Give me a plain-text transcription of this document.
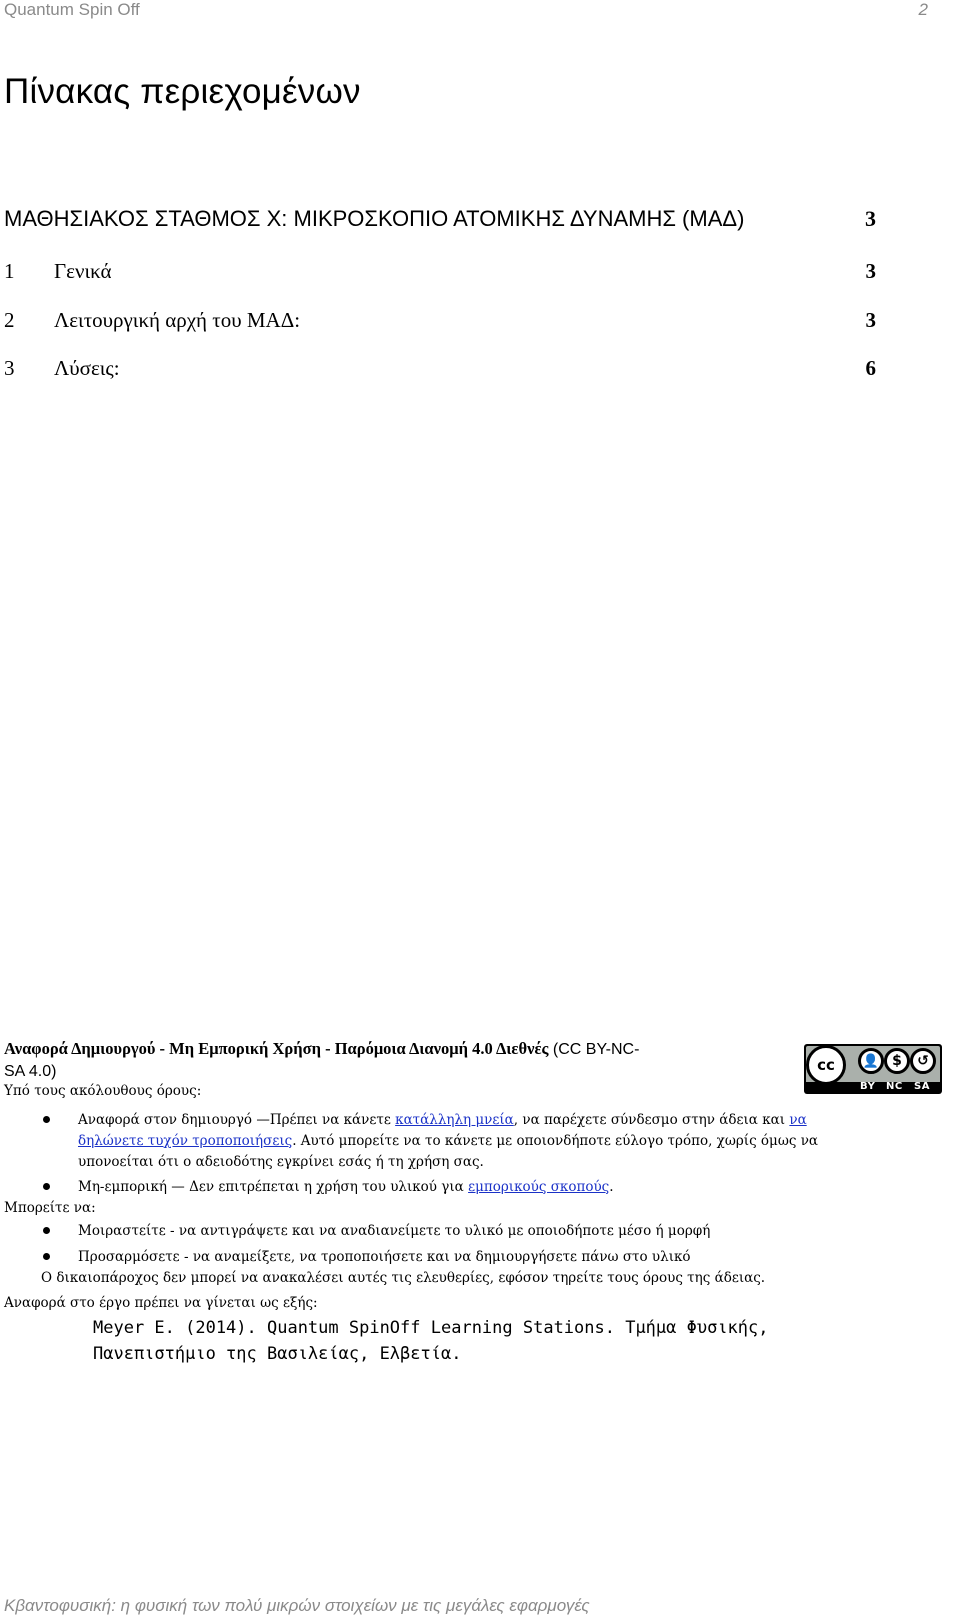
Quantum Spin Off	2
Πίνακας περιεχομένων
ΜΑΘΗΣΙΑΚΟΣ ΣΤΑΘΜΟΣ Χ: ΜΙΚΡΟΣΚΟΠΙΟ ΑΤΟΜΙΚΗΣ ΔΥΝΑΜΗΣ (ΜΑΔ)	3
1 Γενικά	3
2 Λειτουργική αρχή του ΜΑΔ:	3
3 Λύσεις:	6
Αναφορά Δημιουργού - Μη Εμπορική Χρήση - Παρόμοια Διανομή 4.0 Διεθνές (CC BY-NC-
SA 4.0)	cc	👤 $	↺
BY NC SA
Υπό τους ακόλουθους όρους:
Αναφορά στον δημιουργό —Πρέπει να κάνετε κατάλληλη μνεία, να παρέχετε σύνδεσμο στην άδεια και να
δηλώνετε τυχόν τροποποιήσεις. Αυτό μπορείτε να το κάνετε με οποιονδήποτε εύλογο τρόπο, χωρίς όμως να
υπονοείται ότι ο αδειοδότης εγκρίνει εσάς ή τη χρήση σας.
Μη-εμπορική — Δεν επιτρέπεται η χρήση του υλικού για εμπορικούς σκοπούς.
Μπορείτε να:
Μοιραστείτε - να αντιγράψετε και να αναδιανείμετε το υλικό με οποιοδήποτε μέσο ή μορφή
Προσαρμόσετε - να αναμείξετε, να τροποποιήσετε και να δημιουργήσετε πάνω στο υλικό
Ο δικαιοπάροχος δεν μπορεί να ανακαλέσει αυτές τις ελευθερίες, εφόσον τηρείτε τους όρους της άδειας.
Αναφορά στο έργο πρέπει να γίνεται ως εξής:
Meyer E. (2014). Quantum SpinOff Learning Stations. Τμήμα Φυσικής,
Πανεπιστήμιο της Βασιλείας, Ελβετία.
Κβαντοφυσική: η φυσική των πολύ μικρών στοιχείων με τις μεγάλες εφαρμογές
